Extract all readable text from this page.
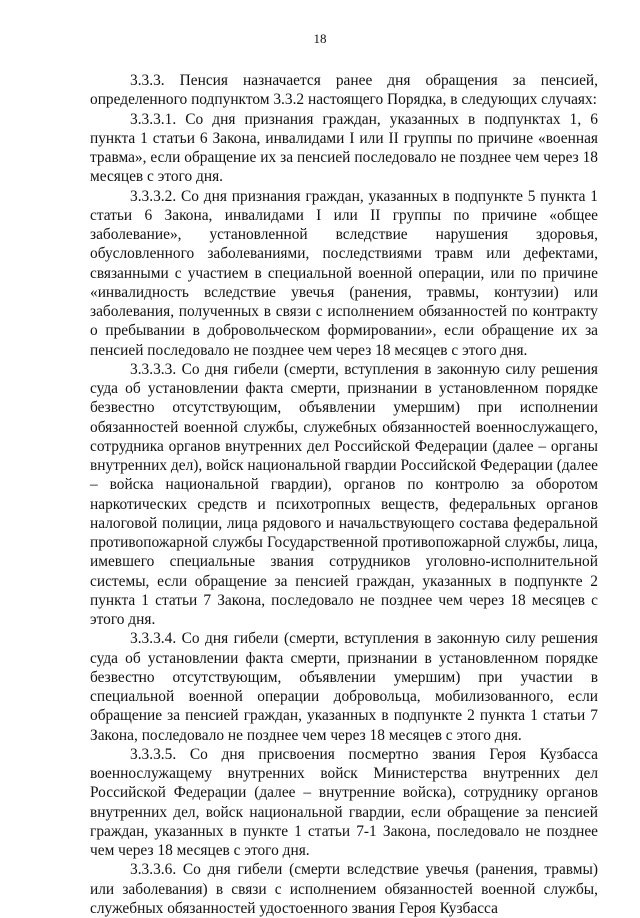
18

3.3.3. Пенсия назначается ранее дня обращения за пенсией, определенного подпунктом 3.3.2 настоящего Порядка, в следующих случаях:

3.3.3.1. Со дня признания граждан, указанных в подпунктах 1, 6 пункта 1 статьи 6 Закона, инвалидами I или II группы по причине «военная травма», если обращение их за пенсией последовало не позднее чем через 18 месяцев с этого дня.

3.3.3.2. Со дня признания граждан, указанных в подпункте 5 пункта 1 статьи 6 Закона, инвалидами I или II группы по причине «общее заболевание», установленной вследствие нарушения здоровья, обусловленного заболеваниями, последствиями травм или дефектами, связанными с участием в специальной военной операции, или по причине «инвалидность вследствие увечья (ранения, травмы, контузии) или заболевания, полученных в связи с исполнением обязанностей по контракту о пребывании в добровольческом формировании», если обращение их за пенсией последовало не позднее чем через 18 месяцев с этого дня.

3.3.3.3. Со дня гибели (смерти, вступления в законную силу решения суда об установлении факта смерти, признании в установленном порядке безвестно отсутствующим, объявлении умершим) при исполнении обязанностей военной службы, служебных обязанностей военнослужащего, сотрудника органов внутренних дел Российской Федерации (далее – органы внутренних дел), войск национальной гвардии Российской Федерации (далее – войска национальной гвардии), органов по контролю за оборотом наркотических средств и психотропных веществ, федеральных органов налоговой полиции, лица рядового и начальствующего состава федеральной противопожарной службы Государственной противопожарной службы, лица, имевшего специальные звания сотрудников уголовно-исполнительной системы, если обращение за пенсией граждан, указанных в подпункте 2 пункта 1 статьи 7 Закона, последовало не позднее чем через 18 месяцев с этого дня.

3.3.3.4. Со дня гибели (смерти, вступления в законную силу решения суда об установлении факта смерти, признании в установленном порядке безвестно отсутствующим, объявлении умершим) при участии в специальной военной операции добровольца, мобилизованного, если обращение за пенсией граждан, указанных в подпункте 2 пункта 1 статьи 7 Закона, последовало не позднее чем через 18 месяцев с этого дня.

3.3.3.5. Со дня присвоения посмертно звания Героя Кузбасса военнослужащему внутренних войск Министерства внутренних дел Российской Федерации (далее – внутренние войска), сотруднику органов внутренних дел, войск национальной гвардии, если обращение за пенсией граждан, указанных в пункте 1 статьи 7-1 Закона, последовало не позднее чем через 18 месяцев с этого дня.

3.3.3.6. Со дня гибели (смерти вследствие увечья (ранения, травмы) или заболевания) в связи с исполнением обязанностей военной службы, служебных обязанностей удостоенного звания Героя Кузбасса
